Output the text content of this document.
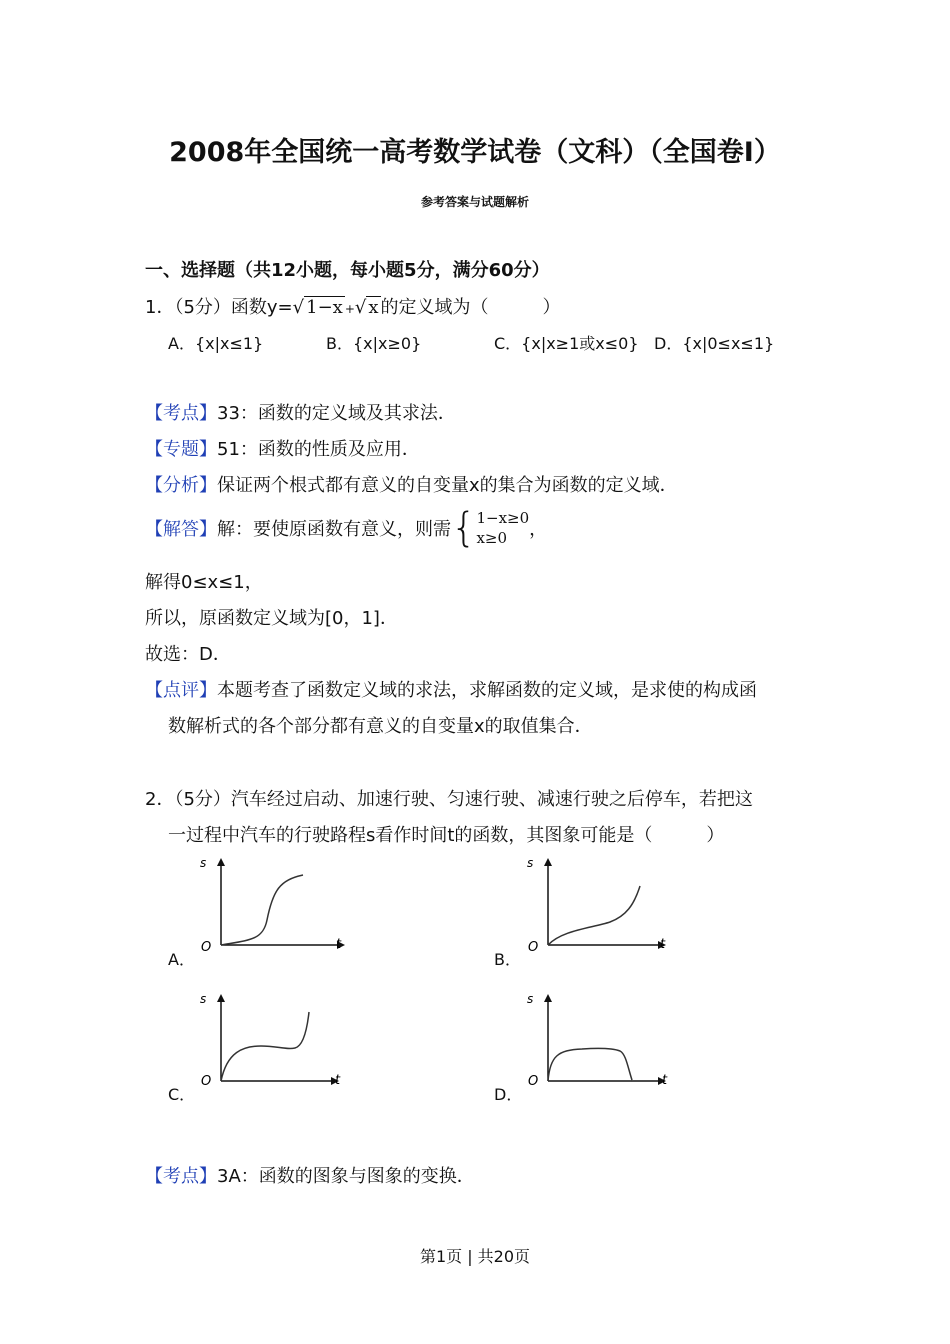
2008年全国统一高考数学试卷（文科）（全国卷Ⅰ）
参考答案与试题解析
一、选择题（共12小题，每小题5分，满分60分）
1．（5分）函数y=√ 1−x +√ x 的定义域为（　　　）
A．{x|x≤1}	B．{x|x≥0}	C．{x|x≥1或x≤0} D．{x|0≤x≤1}
【考点】33：函数的定义域及其求法．
【专题】51：函数的性质及应用．
【分析】保证两个根式都有意义的自变量x的集合为函数的定义域．
【解答】解：要使原函数有意义，则需{ 1−x≥0
x≥0	，
解得0≤x≤1，
所以，原函数定义域为[0，1]．
故选：D．
【点评】本题考查了函数定义域的求法，求解函数的定义域，是求使的构成函
数解析式的各个部分都有意义的自变量x的取值集合．
2．（5分）汽车经过启动、加速行驶、匀速行驶、减速行驶之后停车，若把这
一过程中汽车的行驶路程s看作时间t的函数，其图象可能是（　　　）
s
O	t
A．
s
O	t
B．
s
O	t
C．
s
O	t
D．
【考点】3A：函数的图象与图象的变换．
第1页 | 共20页
